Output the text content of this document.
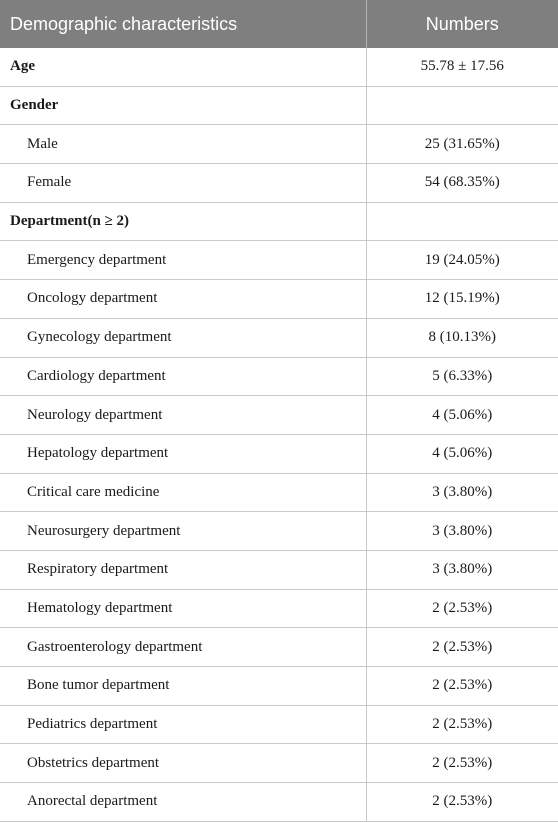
Demographic characteristics	Numbers
Age	55.78 ± 17.56
Gender	
Male	25 (31.65%)
Female	54 (68.35%)
Department(n ≥ 2)	
Emergency department	19 (24.05%)
Oncology department	12 (15.19%)
Gynecology department	8 (10.13%)
Cardiology department	5 (6.33%)
Neurology department	4 (5.06%)
Hepatology department	4 (5.06%)
Critical care medicine	3 (3.80%)
Neurosurgery department	3 (3.80%)
Respiratory department	3 (3.80%)
Hematology department	2 (2.53%)
Gastroenterology department	2 (2.53%)
Bone tumor department	2 (2.53%)
Pediatrics department	2 (2.53%)
Obstetrics department	2 (2.53%)
Anorectal department	2 (2.53%)
